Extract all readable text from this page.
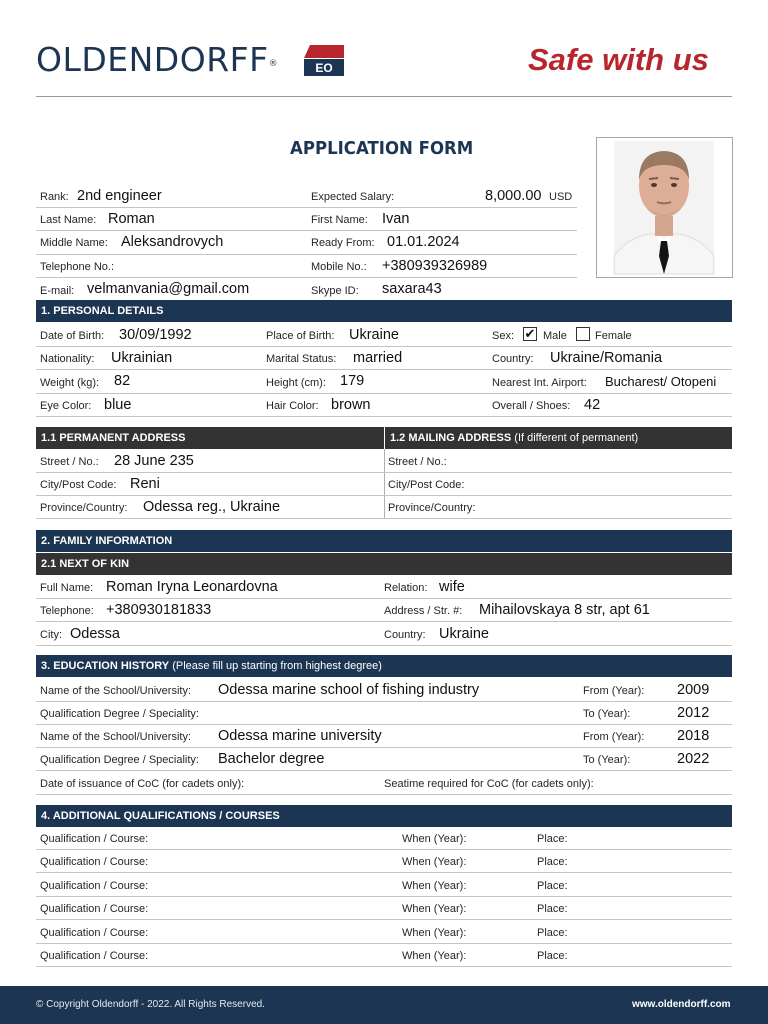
OLDENDORFF®	EO	Safe with us
APPLICATION FORM
Rank: 2nd engineer	Expected Salary:	8,000.00 USD
Last Name: Roman	First Name: Ivan
Middle Name: Aleksandrovych	Ready From: 01.01.2024
Telephone No.:	Mobile No.: +380939326989
E-mail: velmanvania@gmail.com	Skype ID: saxara43
1. PERSONAL DETAILS
Date of Birth: 30/09/1992	Place of Birth: Ukraine	Sex: ✔ Male	Female
Nationality: Ukrainian	Marital Status: married	Country: Ukraine/Romania
Weight (kg): 82	Height (cm): 179	Nearest Int. Airport: Bucharest/ Otopeni
Eye Color: blue	Hair Color: brown	Overall / Shoes: 42
1.1 PERMANENT ADDRESS	1.2 MAILING ADDRESS (If different of permanent)
Street / No.: 28 June 235	Street / No.:
City/Post Code: Reni	City/Post Code:
Province/Country: Odessa reg., Ukraine	Province/Country:
2. FAMILY INFORMATION
2.1 NEXT OF KIN
Full Name: Roman Iryna Leonardovna	Relation: wife
Telephone: +380930181833	Address / Str. #: Mihailovskaya 8 str, apt 61
City: Odessa	Country: Ukraine
3. EDUCATION HISTORY (Please fill up starting from highest degree)
Name of the School/University: Odessa marine school of fishing industry	From (Year): 2009
Qualification Degree / Speciality:	To (Year):	2012
Name of the School/University: Odessa marine university	From (Year): 2018
Qualification Degree / Speciality: Bachelor degree	To (Year):	2022
Date of issuance of CoC (for cadets only):	Seatime required for CoC (for cadets only):
4. ADDITIONAL QUALIFICATIONS / COURSES
Qualification / Course:	When (Year):	Place:
Qualification / Course:	When (Year):	Place:
Qualification / Course:	When (Year):	Place:
Qualification / Course:	When (Year):	Place:
Qualification / Course:	When (Year):	Place:
Qualification / Course:	When (Year):	Place:
© Copyright Oldendorff - 2022. All Rights Reserved.	www.oldendorff.com
